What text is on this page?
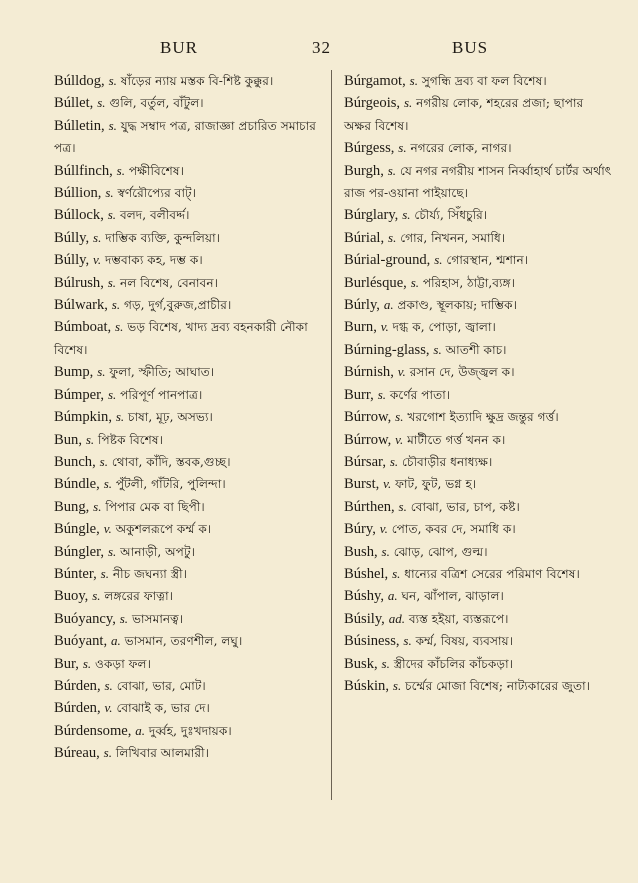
BUR	32	BUS
Búlldog, s. ষাঁড়ের ন্যায় মস্তক বি-শিষ্ট কুক্কুর।
Búllet, s. গুলি, বর্তুল, বাঁটুল।
Búlletin, s. যুদ্ধ সম্বাদ পত্র, রাজাজ্ঞা প্রচারিত সমাচার পত্র।
Búllfinch, s. পক্ষীবিশেষ।
Búllion, s. স্বর্ণরৌপ্যের বাট্।
Búllock, s. বলদ, বলীবর্দ্দ।
Búlly, s. দাম্ভিক ব্যক্তি, কুন্দলিয়া।
Búlly, v. দম্ভবাক্য কহ, দম্ভ ক।
Búlrush, s. নল বিশেষ, বেনাবন।
Búlwark, s. গড়, দুর্গ,বুরুজ,প্রাচীর।
Búmboat, s. ভড় বিশেষ, খাদ্য দ্রব্য বহনকারী নৌকা বিশেষ।
Bump, s. ফুলা, স্ফীতি; আঘাত।
Búmper, s. পরিপূর্ণ পানপাত্র।
Búmpkin, s. চাষা, মূঢ়, অসভ্য।
Bun, s. পিষ্টক বিশেষ।
Bunch, s. থোবা, কাঁদি, স্তবক,গুচ্ছ।
Búndle, s. পুঁটলী, গাঁটরি, পুলিন্দা।
Bung, s. পিপার মেক বা ছিপী।
Búngle, v. অকুশলরূপে কর্ম্ম ক।
Búngler, s. আনাড়ী, অপটু।
Búnter, s. নীচ জঘন্যা স্ত্রী।
Buoy, s. লঙ্গরের ফাত্না।
Buóyancy, s. ভাসমানত্ব।
Buóyant, a. ভাসমান, তরণশীল, লঘু।
Bur, s. ওকড়া ফল।
Búrden, s. বোঝা, ভার, মোট।
Búrden, v. বোঝাই ক, ভার দে।
Búrdensome, a. দুর্ব্বহ, দুঃখদায়ক।
Búreau, s. লিখিবার আলমারী।
Búrgamot, s. সুগন্ধি দ্রব্য বা ফল বিশেষ।
Búrgeois, s. নগরীয় লোক, শহরের প্রজা; ছাপার অক্ষর বিশেষ।
Búrgess, s. নগরের লোক, নাগর।
Burgh, s. যে নগর নগরীয় শাসন নির্ব্বাহার্থ চার্টর অর্থাৎ রাজ পর-ওয়ানা পাইয়াছে।
Búrglary, s. চৌর্য্য, সিঁধচুরি।
Búrial, s. গোর, নিখনন, সমাধি।
Búrial-ground, s. গোরস্থান, শ্মশান।
Burlésque, s. পরিহাস, ঠাট্টা,ব্যঙ্গ।
Búrly, a. প্রকাণ্ড, স্থূলকায়; দাম্ভিক।
Burn, v. দগ্ধ ক, পোড়া, জ্বালা।
Búrning-glass, s. আতশী কাচ।
Búrnish, v. রসান দে, উজ্জ্বল ক।
Burr, s. কর্ণের পাতা।
Búrrow, s. খরগোশ ইত্যাদি ক্ষুদ্র জন্তুর গর্ত্ত।
Búrrow, v. মাটীতে গর্ত্ত খনন ক।
Búrsar, s. চৌবাড়ীর ধনাধ্যক্ষ।
Burst, v. ফাট, ফুট, ভগ্ন হ।
Búrthen, s. বোঝা, ভার, চাপ, কষ্ট।
Búry, v. পোত, কবর দে, সমাধি ক।
Bush, s. ঝোড়, ঝোপ, গুল্ম।
Búshel, s. ধান্যের বত্রিশ সেরের পরিমাণ বিশেষ।
Búshy, a. ঘন, ঝাঁপাল, ঝাড়াল।
Búsily, ad. ব্যস্ত হইয়া, ব্যস্তরূপে।
Búsiness, s. কর্ম্ম, বিষয়, ব্যবসায়।
Busk, s. স্ত্রীদের কাঁচলির কাঁচকড়া।
Búskin, s. চর্ম্মের মোজা বিশেষ; নাট্যকারের জুতা।
